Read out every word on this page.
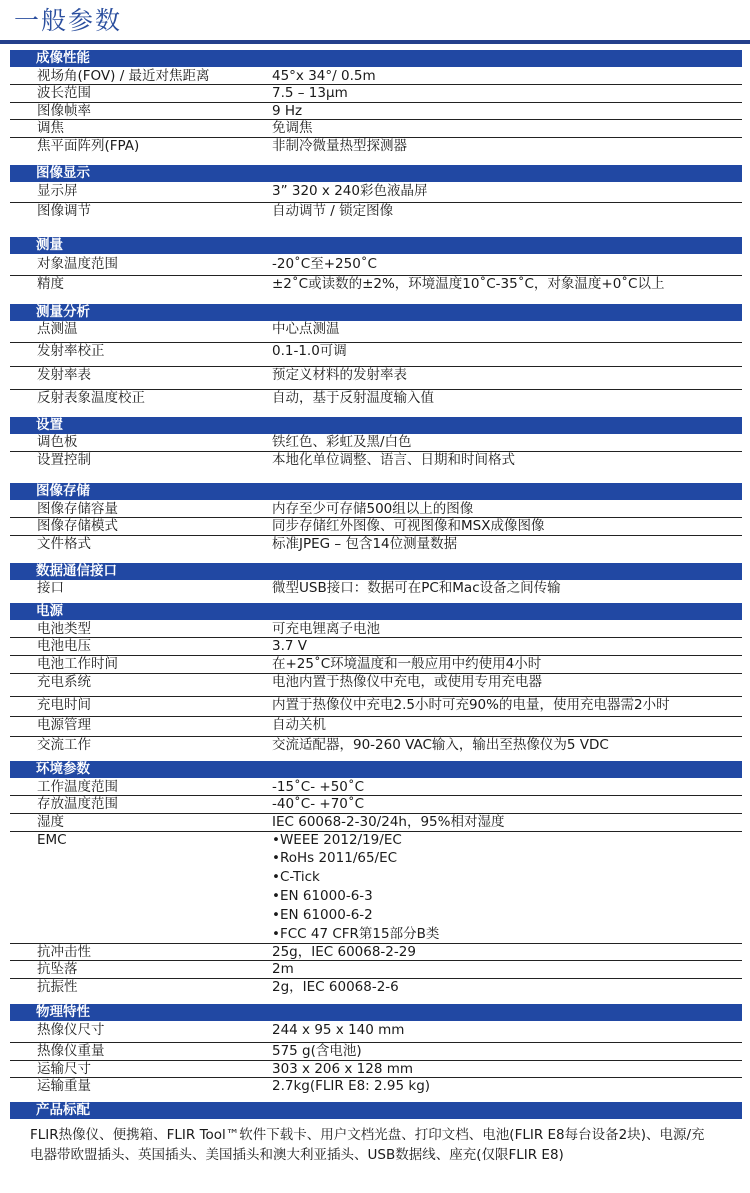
一般参数
成像性能
视场角(FOV) / 最近对焦距离	45°x 34°/ 0.5m
波长范围	7.5 – 13μm
图像帧率	9 Hz
调焦	免调焦
焦平面阵列(FPA)	非制冷微量热型探测器
图像显示
显示屏	3” 320 x 240彩色液晶屏
图像调节	自动调节 / 锁定图像
测量
对象温度范围	-20˚C至+250˚C
精度	±2˚C或读数的±2%，环境温度10˚C-35˚C，对象温度+0˚C以上
测量分析
点测温	中心点测温
发射率校正	0.1-1.0可调
发射率表	预定义材料的发射率表
反射表象温度校正	自动，基于反射温度输入值
设置
调色板	铁红色、彩虹及黑/白色
设置控制	本地化单位调整、语言、日期和时间格式
图像存储
图像存储容量	内存至少可存储500组以上的图像
图像存储模式	同步存储红外图像、可视图像和MSX成像图像
文件格式	标准JPEG – 包含14位测量数据
数据通信接口
接口	微型USB接口：数据可在PC和Mac设备之间传输
电源
电池类型	可充电锂离子电池
电池电压	3.7 V
电池工作时间	在+25˚C环境温度和一般应用中约使用4小时
充电系统	电池内置于热像仪中充电，或使用专用充电器
充电时间	内置于热像仪中充电2.5小时可充90%的电量，使用充电器需2小时
电源管理	自动关机
交流工作	交流适配器，90-260 VAC输入，输出至热像仪为5 VDC
环境参数
工作温度范围	-15˚C- +50˚C
存放温度范围	-40˚C- +70˚C
湿度	IEC 60068-2-30/24h，95%相对湿度
EMC	•WEEE 2012/19/EC
•RoHs 2011/65/EC
•C-Tick
•EN 61000-6-3
•EN 61000-6-2
•FCC 47 CFR第15部分B类
抗冲击性	25g，IEC 60068-2-29
抗坠落	2m
抗振性	2g，IEC 60068-2-6
物理特性
热像仪尺寸	244 x 95 x 140 mm
热像仪重量	575 g(含电池)
运输尺寸	303 x 206 x 128 mm
运输重量	2.7kg(FLIR E8: 2.95 kg)
产品标配
FLIR热像仪、便携箱、FLIR Tool™软件下载卡、用户文档光盘、打印文档、电池(FLIR E8每台设备2块)、电源/充电器带欧盟插头、英国插头、美国插头和澳大利亚插头、USB数据线、座充(仅限FLIR E8)
